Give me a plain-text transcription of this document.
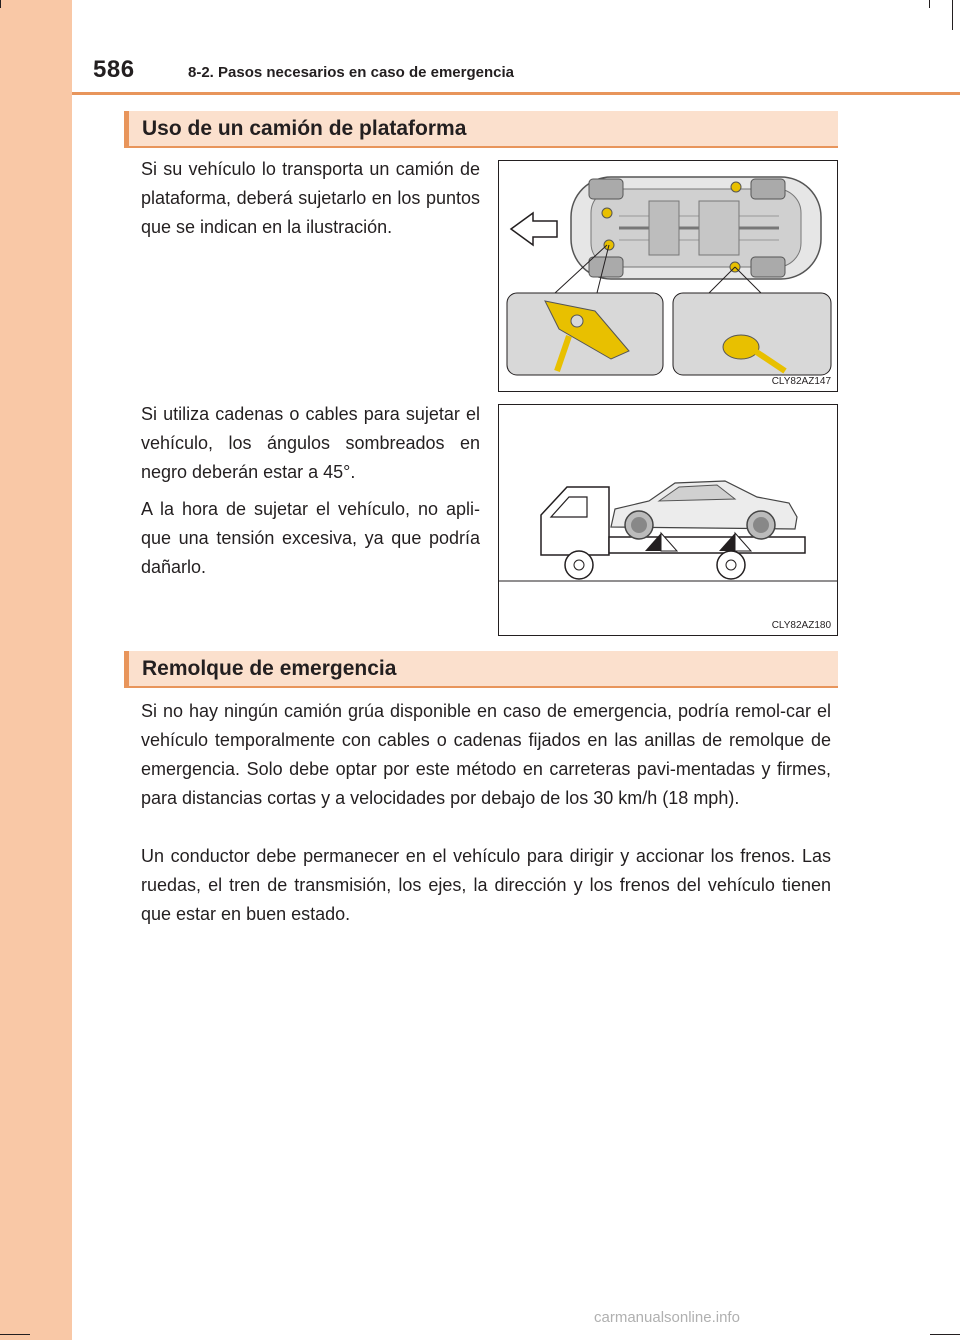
586	8-2. Pasos necesarios en caso de emergencia
Uso de un camión de plataforma

Si su vehículo lo transporta un camión de plataforma, deberá sujetarlo en los puntos que se indican en la ilustración.

CLY82AZ147

Si utiliza cadenas o cables para sujetar el vehículo, los ángulos sombreados en negro deberán estar a 45°.

A la hora de sujetar el vehículo, no apli-que una tensión excesiva, ya que podría dañarlo.

CLY82AZ180
Remolque de emergencia

Si no hay ningún camión grúa disponible en caso de emergencia, podría remol-car el vehículo temporalmente con cables o cadenas fijados en las anillas de remolque de emergencia. Solo debe optar por este método en carreteras pavi-mentadas y firmes, para distancias cortas y a velocidades por debajo de los 30 km/h (18 mph).

Un conductor debe permanecer en el vehículo para dirigir y accionar los frenos. Las ruedas, el tren de transmisión, los ejes, la dirección y los frenos del vehículo tienen que estar en buen estado.

carmanualsonline.info
